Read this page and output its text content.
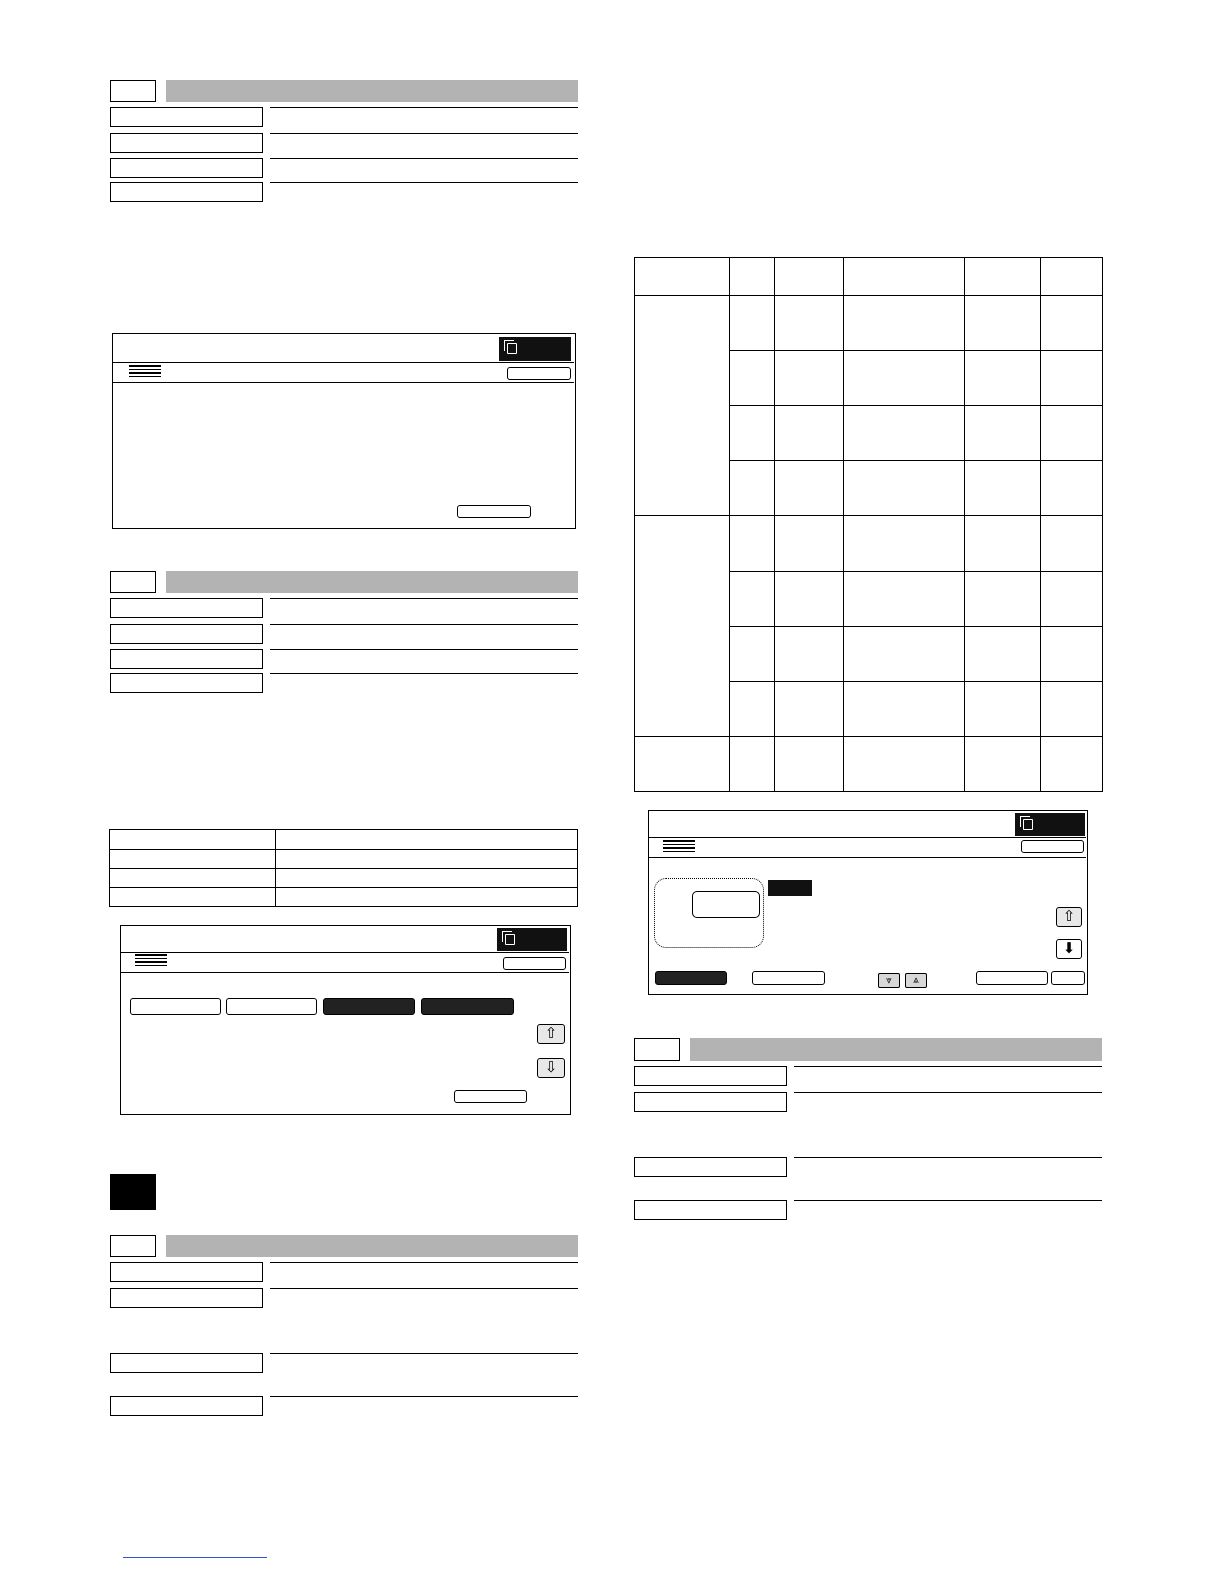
⇧
⇩

⇧
⬇
⩔	⩓
